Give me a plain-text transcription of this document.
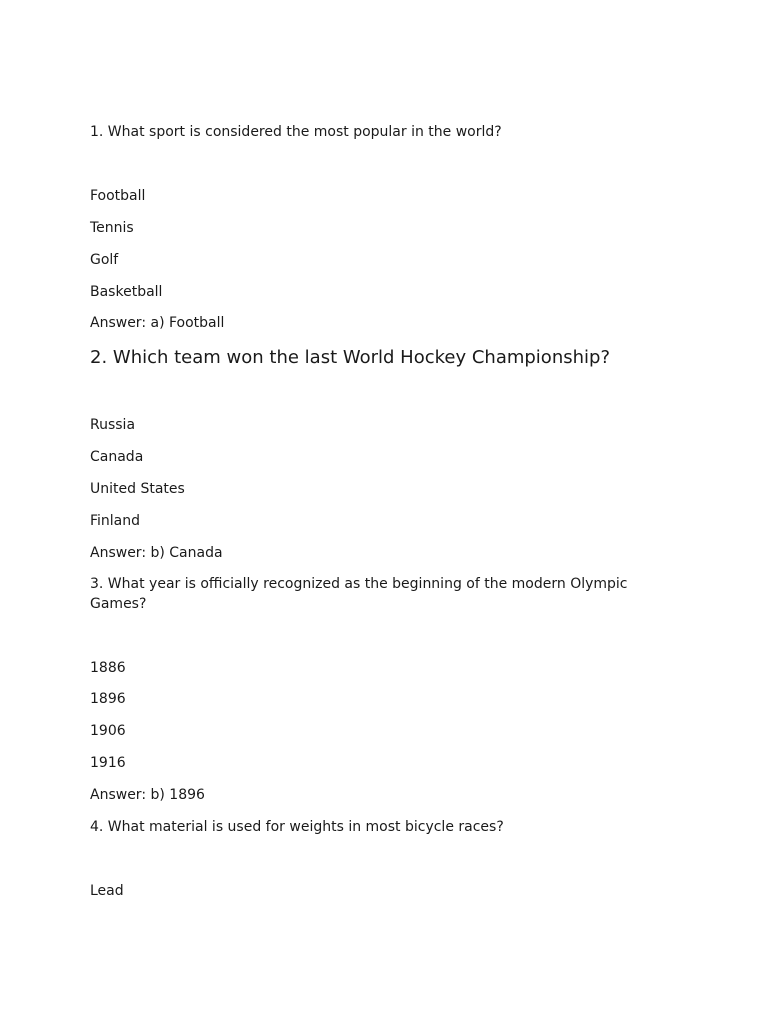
1. What sport is considered the most popular in the world?

Football

Tennis

Golf

Basketball

Answer: a) Football

2. Which team won the last World Hockey Championship?

Russia

Canada

United States

Finland

Answer: b) Canada

3. What year is officially recognized as the beginning of the modern Olympic Games?

1886

1896

1906

1916

Answer: b) 1896

4. What material is used for weights in most bicycle races?

Lead
